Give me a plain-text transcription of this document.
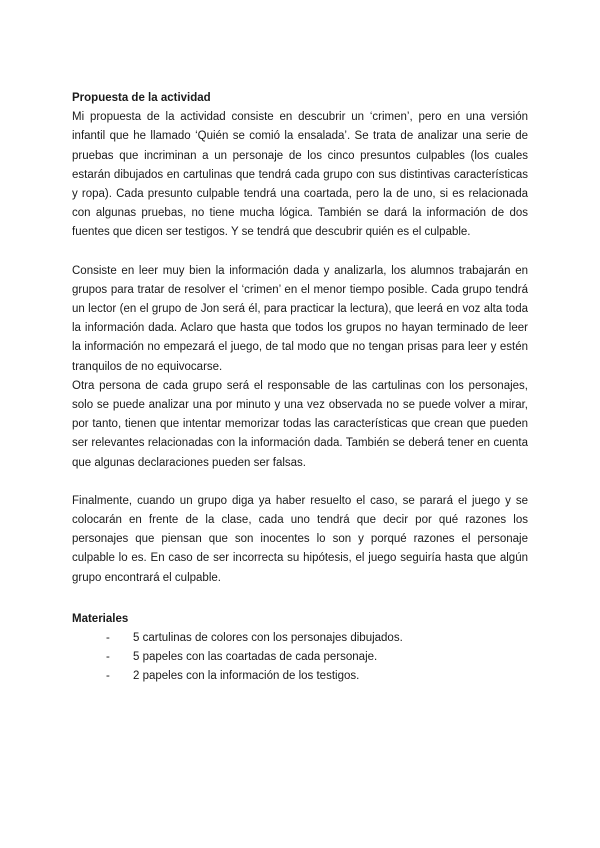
Propuesta de la actividad

Mi propuesta de la actividad consiste en descubrir un ‘crimen’, pero en una versión infantil que he llamado ‘Quién se comió la ensalada’. Se trata de analizar una serie de pruebas que incriminan a un personaje de los cinco presuntos culpables (los cuales estarán dibujados en cartulinas que tendrá cada grupo con sus distintivas características y ropa). Cada presunto culpable tendrá una coartada, pero la de uno, si es relacionada con algunas pruebas, no tiene mucha lógica. También se dará la información de dos fuentes que dicen ser testigos. Y se tendrá que descubrir quién es el culpable.

Consiste en leer muy bien la información dada y analizarla, los alumnos trabajarán en grupos para tratar de resolver el ‘crimen’ en el menor tiempo posible. Cada grupo tendrá un lector (en el grupo de Jon será él, para practicar la lectura), que leerá en voz alta toda la información dada. Aclaro que hasta que todos los grupos no hayan terminado de leer la información no empezará el juego, de tal modo que no tengan prisas para leer y estén tranquilos de no equivocarse.

Otra persona de cada grupo será el responsable de las cartulinas con los personajes, solo se puede analizar una por minuto y una vez observada no se puede volver a mirar, por tanto, tienen que intentar memorizar todas las características que crean que pueden ser relevantes relacionadas con la información dada. También se deberá tener en cuenta que algunas declaraciones pueden ser falsas.

Finalmente, cuando un grupo diga ya haber resuelto el caso, se parará el juego y se colocarán en frente de la clase, cada uno tendrá que decir por qué razones los personajes que piensan que son inocentes lo son y porqué razones el personaje culpable lo es. En caso de ser incorrecta su hipótesis, el juego seguiría hasta que algún grupo encontrará el culpable.

Materiales

- 5 cartulinas de colores con los personajes dibujados.
- 5 papeles con las coartadas de cada personaje.
- 2 papeles con la información de los testigos.
